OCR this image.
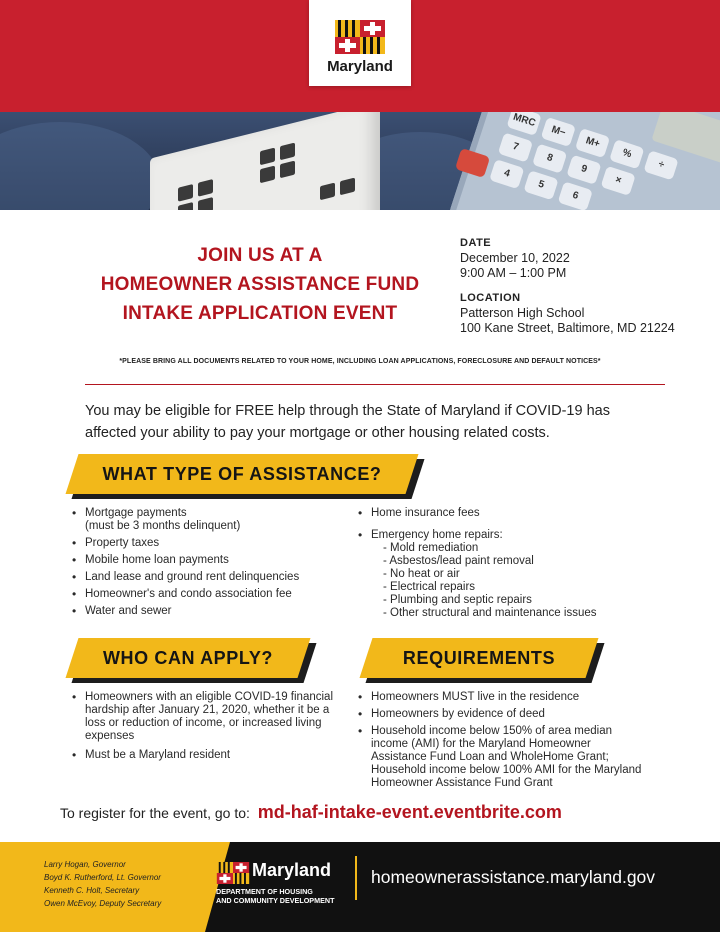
MRC
M−
M+
%
÷
7
8
9
×
4
5
6
Maryland
JOIN US AT A
HOMEOWNER ASSISTANCE FUND
INTAKE APPLICATION EVENT
DATE
December 10, 2022
9:00 AM – 1:00 PM
LOCATION
Patterson High School
100 Kane Street, Baltimore, MD 21224
*PLEASE BRING ALL DOCUMENTS RELATED TO YOUR HOME, INCLUDING LOAN APPLICATIONS, FORECLOSURE AND DEFAULT NOTICES*
You may be eligible for FREE help through the State of Maryland if COVID-19 has affected your ability to pay your mortgage or other housing related costs.
WHAT TYPE OF ASSISTANCE?
• Mortgage payments
(must be 3 months delinquent)
• Property taxes
• Mobile home loan payments
• Land lease and ground rent delinquencies
• Homeowner's and condo association fee
• Water and sewer
• Home insurance fees
• Emergency home repairs:
- Mold remediation
- Asbestos/lead paint removal
- No heat or air
- Electrical repairs
- Plumbing and septic repairs
- Other structural and maintenance issues
WHO CAN APPLY?	REQUIREMENTS
• Homeowners with an eligible COVID-19 financial hardship after January 21, 2020, whether it be a loss or reduction of income, or increased living expenses
• Must be a Maryland resident
• Homeowners MUST live in the residence
• Homeowners by evidence of deed
• Household income below 150% of area median income (AMI) for the Maryland Homeowner Assistance Fund Loan and WholeHome Grant; Household income below 100% AMI for the Maryland Homeowner Assistance Fund Grant
To register for the event, go to: md-haf-intake-event.eventbrite.com
Larry Hogan, Governor
Boyd K. Rutherford, Lt. Governor
Kenneth C. Holt, Secretary
Owen McEvoy, Deputy Secretary
Maryland
DEPARTMENT OF HOUSING
AND COMMUNITY DEVELOPMENT
homeownerassistance.maryland.gov
